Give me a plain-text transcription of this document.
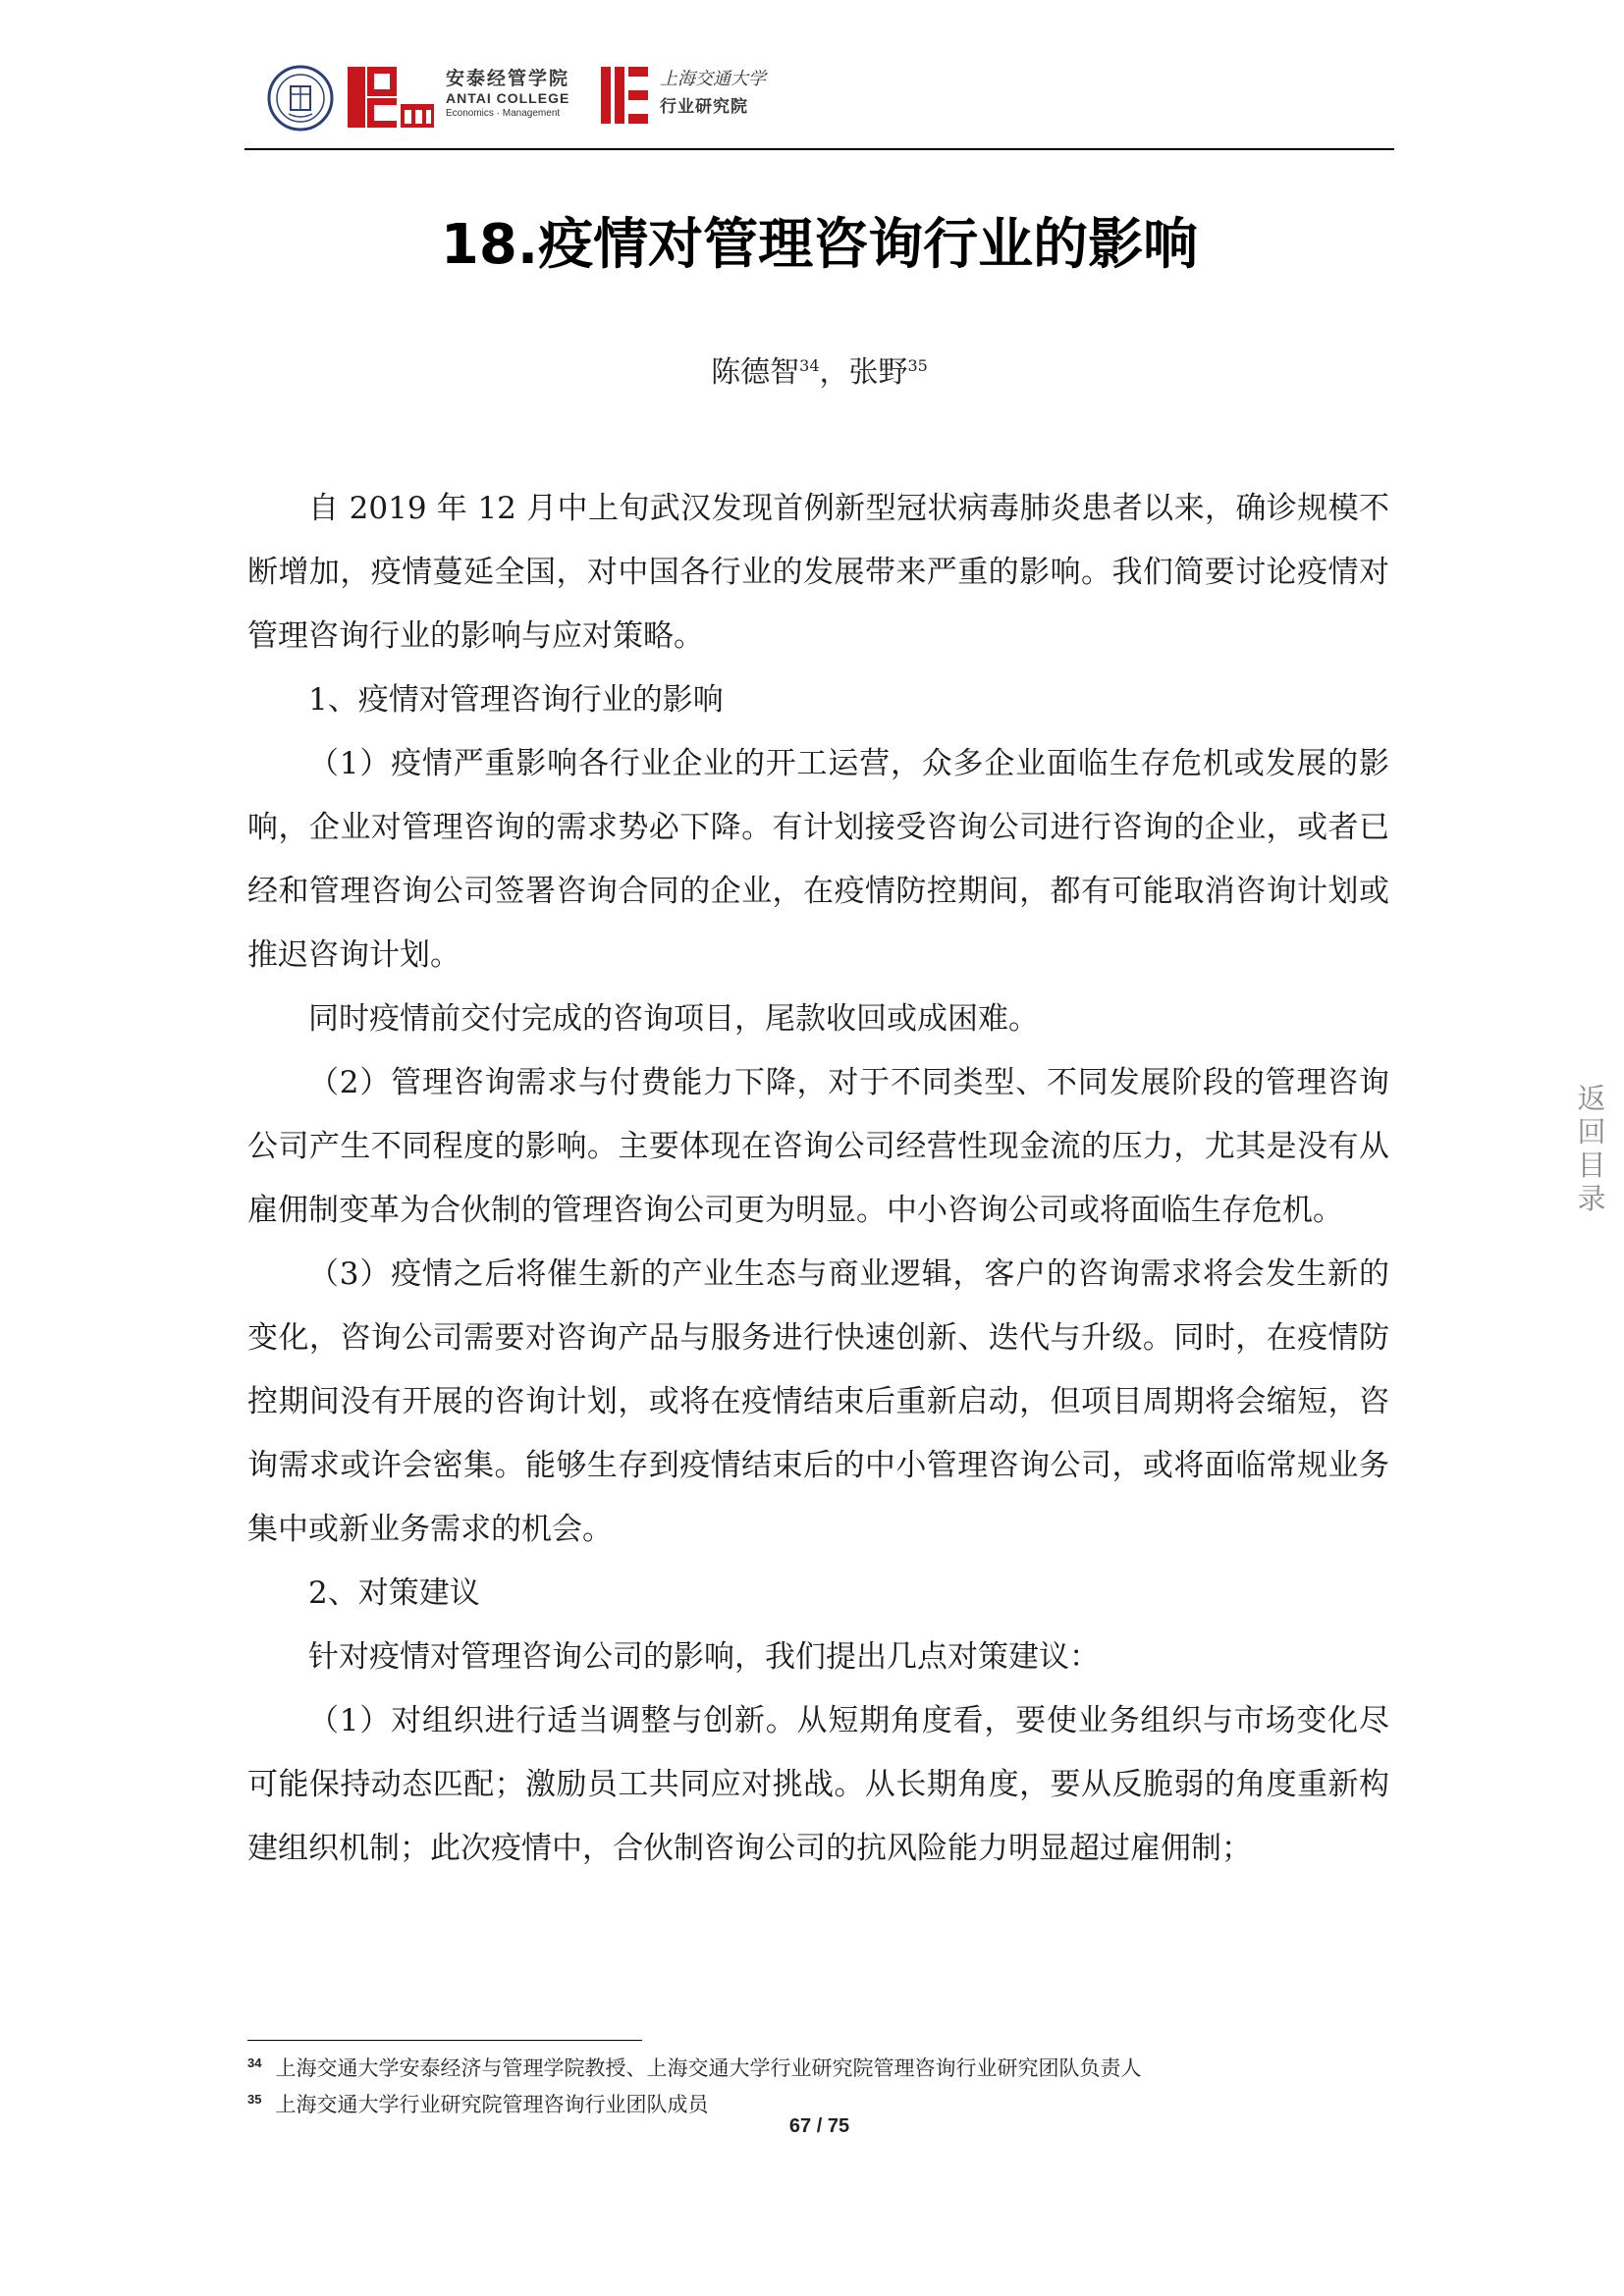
安泰经管学院
ANTAI COLLEGE
Economics · Management
上海交通大学
行业研究院
18.疫情对管理咨询行业的影响
陈德智$^{34}$，张野$^{35}$

自 2019 年 12 月中上旬武汉发现首例新型冠状病毒肺炎患者以来，确诊规模不断增加，疫情蔓延全国，对中国各行业的发展带来严重的影响。我们简要讨论疫情对管理咨询行业的影响与应对策略。

1、疫情对管理咨询行业的影响

（1）疫情严重影响各行业企业的开工运营，众多企业面临生存危机或发展的影响，企业对管理咨询的需求势必下降。有计划接受咨询公司进行咨询的企业，或者已经和管理咨询公司签署咨询合同的企业，在疫情防控期间，都有可能取消咨询计划或推迟咨询计划。

同时疫情前交付完成的咨询项目，尾款收回或成困难。

（2）管理咨询需求与付费能力下降，对于不同类型、不同发展阶段的管理咨询公司产生不同程度的影响。主要体现在咨询公司经营性现金流的压力，尤其是没有从雇佣制变革为合伙制的管理咨询公司更为明显。中小咨询公司或将面临生存危机。

（3）疫情之后将催生新的产业生态与商业逻辑，客户的咨询需求将会发生新的变化，咨询公司需要对咨询产品与服务进行快速创新、迭代与升级。同时，在疫情防控期间没有开展的咨询计划，或将在疫情结束后重新启动，但项目周期将会缩短，咨询需求或许会密集。能够生存到疫情结束后的中小管理咨询公司，或将面临常规业务集中或新业务需求的机会。

2、对策建议

针对疫情对管理咨询公司的影响，我们提出几点对策建议：

（1）对组织进行适当调整与创新。从短期角度看，要使业务组织与市场变化尽可能保持动态匹配；激励员工共同应对挑战。从长期角度，要从反脆弱的角度重新构建组织机制；此次疫情中，合伙制咨询公司的抗风险能力明显超过雇佣制；

返
回
目
录
$^{34}$ 上海交通大学安泰经济与管理学院教授、上海交通大学行业研究院管理咨询行业研究团队负责人
$^{35}$ 上海交通大学行业研究院管理咨询行业团队成员
67 / 75
